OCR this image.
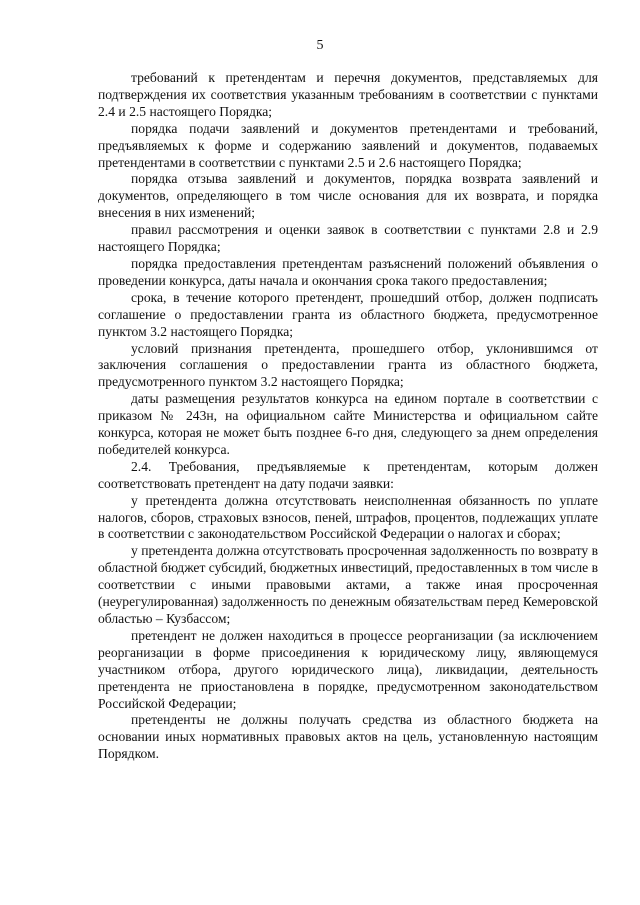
5

требований к претендентам и перечня документов, представляемых для подтверждения их соответствия указанным требованиям в соответствии с пунктами 2.4 и 2.5 настоящего Порядка;

порядка подачи заявлений и документов претендентами и требований, предъявляемых к форме и содержанию заявлений и документов, подаваемых претендентами в соответствии с пунктами 2.5 и 2.6 настоящего Порядка;

порядка отзыва заявлений и документов, порядка возврата заявлений и документов, определяющего в том числе основания для их возврата, и порядка внесения в них изменений;

правил рассмотрения и оценки заявок в соответствии с пунктами 2.8 и 2.9 настоящего Порядка;

порядка предоставления претендентам разъяснений положений объявления о проведении конкурса, даты начала и окончания срока такого предоставления;

срока, в течение которого претендент, прошедший отбор, должен подписать соглашение о предоставлении гранта из областного бюджета, предусмотренное пунктом 3.2 настоящего Порядка;

условий признания претендента, прошедшего отбор, уклонившимся от заключения соглашения о предоставлении гранта из областного бюджета, предусмотренного пунктом 3.2 настоящего Порядка;

даты размещения результатов конкурса на едином портале в соответствии с приказом № 243н, на официальном сайте Министерства и официальном сайте конкурса, которая не может быть позднее 6-го дня, следующего за днем определения победителей конкурса.

2.4. Требования, предъявляемые к претендентам, которым должен соответствовать претендент на дату подачи заявки:

у претендента должна отсутствовать неисполненная обязанность по уплате налогов, сборов, страховых взносов, пеней, штрафов, процентов, подлежащих уплате в соответствии с законодательством Российской Федерации о налогах и сборах;

у претендента должна отсутствовать просроченная задолженность по возврату в областной бюджет субсидий, бюджетных инвестиций, предоставленных в том числе в соответствии с иными правовыми актами, а также иная просроченная (неурегулированная) задолженность по денежным обязательствам перед Кемеровской областью – Кузбассом;

претендент не должен находиться в процессе реорганизации (за исключением реорганизации в форме присоединения к юридическому лицу, являющемуся участником отбора, другого юридического лица), ликвидации, деятельность претендента не приостановлена в порядке, предусмотренном законодательством Российской Федерации;

претенденты не должны получать средства из областного бюджета на основании иных нормативных правовых актов на цель, установленную настоящим Порядком.
